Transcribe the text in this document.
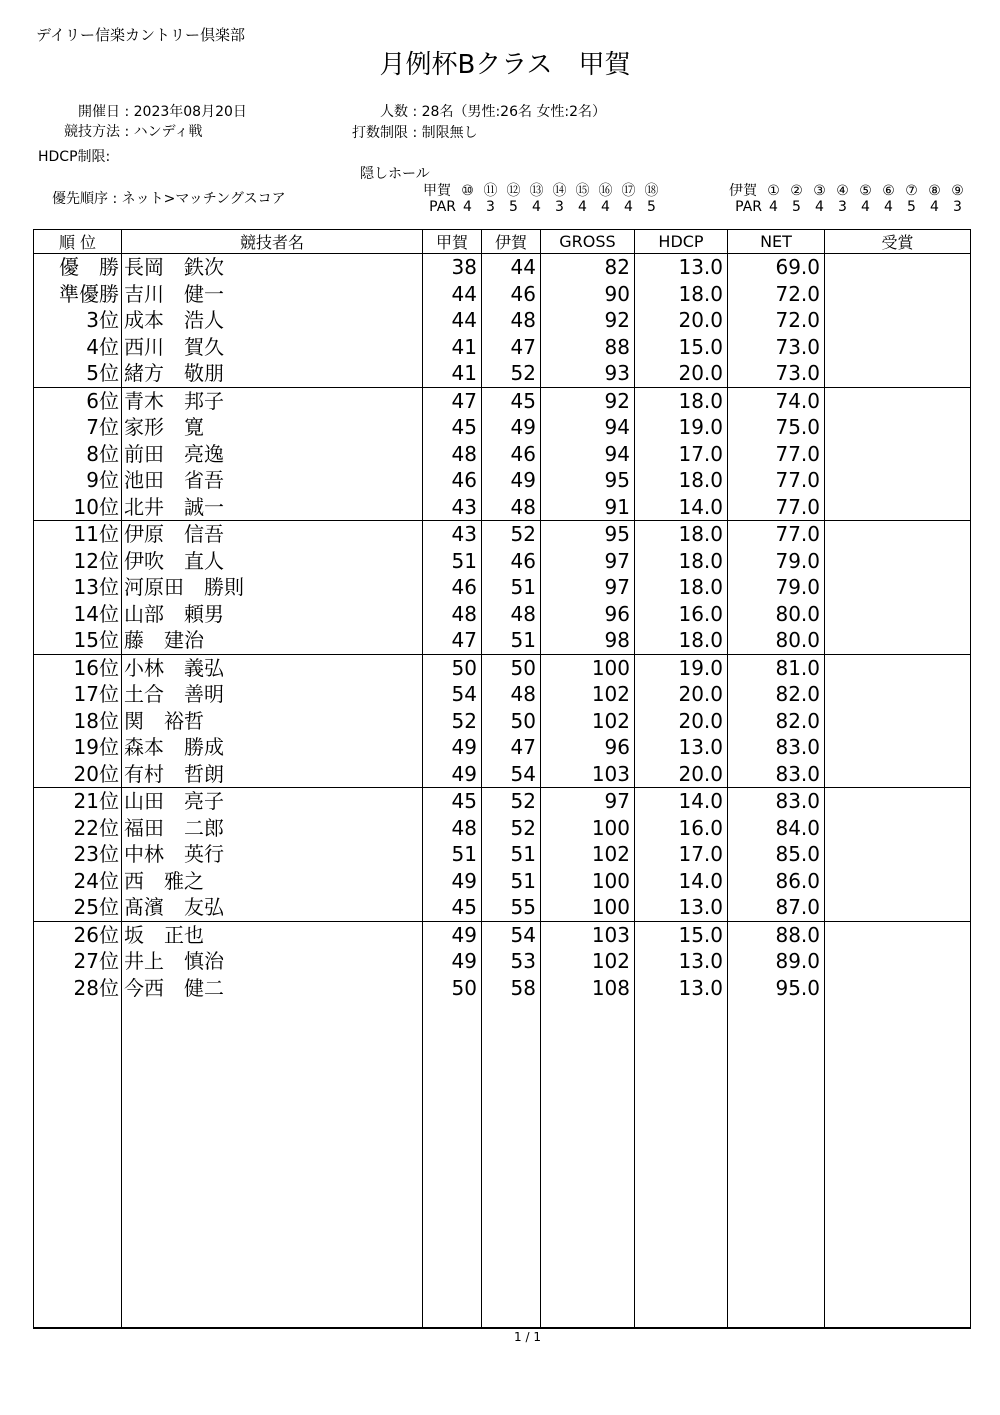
デイリー信楽カントリー倶楽部
月例杯Bクラス　甲賀
開催日 : 2023年08月20日
競技方法 : ハンディ戦
HDCP制限:
人数 : 28名（男性:26名 女性:2名）
打数制限 : 制限無し
隠しホール
優先順序 : ネット>マッチングスコア	甲賀 ⑩ ⑪ ⑫ ⑬ ⑭ ⑮ ⑯ ⑰ ⑱
PAR 4 3 5 4 3 4 4 4 5
伊賀 ① ② ③ ④ ⑤ ⑥ ⑦ ⑧ ⑨
PAR 4 5 4 3 4 4 5 4 3
順 位	競技者名	甲賀	伊賀	GROSS	HDCP	NET	受賞
優　勝	長岡　鉄次	38	44	82	13.0	69.0	
準優勝	吉川　健一	44	46	90	18.0	72.0	
3位	成本　浩人	44	48	92	20.0	72.0	
4位	西川　賀久	41	47	88	15.0	73.0	
5位	緒方　敬朋	41	52	93	20.0	73.0	
6位	青木　邦子	47	45	92	18.0	74.0	
7位	家形　寛	45	49	94	19.0	75.0	
8位	前田　亮逸	48	46	94	17.0	77.0	
9位	池田　省吾	46	49	95	18.0	77.0	
10位	北井　誠一	43	48	91	14.0	77.0	
11位	伊原　信吾	43	52	95	18.0	77.0	
12位	伊吹　直人	51	46	97	18.0	79.0	
13位	河原田　勝則	46	51	97	18.0	79.0	
14位	山部　頼男	48	48	96	16.0	80.0	
15位	藤　建治	47	51	98	18.0	80.0	
16位	小林　義弘	50	50	100	19.0	81.0	
17位	土合　善明	54	48	102	20.0	82.0	
18位	関　裕哲	52	50	102	20.0	82.0	
19位	森本　勝成	49	47	96	13.0	83.0	
20位	有村　哲朗	49	54	103	20.0	83.0	
21位	山田　亮子	45	52	97	14.0	83.0	
22位	福田　二郎	48	52	100	16.0	84.0	
23位	中林　英行	51	51	102	17.0	85.0	
24位	西　雅之	49	51	100	14.0	86.0	
25位	髙濱　友弘	45	55	100	13.0	87.0	
26位	坂　正也	49	54	103	15.0	88.0	
27位	井上　慎治	49	53	102	13.0	89.0	
28位	今西　健二	50	58	108	13.0	95.0	

1 / 1
